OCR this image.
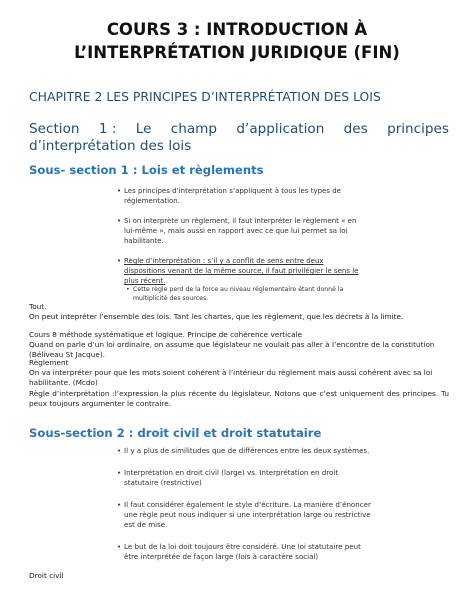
COURS 3 : INTRODUCTION À
L’INTERPRÉTATION JURIDIQUE (FIN)
CHAPITRE 2 LES PRINCIPES D’INTERPRÉTATION DES LOIS
Section 1 : Le champ d’application des principes
d’interprétation des lois
Sous- section 1 : Lois et règlements
• Les principes d’interprétation s’appliquent à tous les types de réglementation.
• Si on interprète un règlement, il faut interpréter le règlement « en lui-même », mais aussi en rapport avec ce que lui permet sa loi habilitante.
• Règle d’interprétation : s’il y a conflit de sens entre deux dispositions venant de la même source, il faut privilégier le sens le plus récent.
• Cette règle perd de la force au niveau réglementaire étant donné la multiplicité des sources.
Tout.
On peut intepréter l’ensemble des lois. Tant les chartes, que les règlement, que les décrets à la limite.
Cours 8 méthode systématique et logique. Principe de cohérence verticale
Quand on parle d’un loi ordinaire, on assume que législateur ne voulait pas aller à l’encontre de la constitution (Béliveau St Jacque).
Règlement
On va interpréter pour que les mots soient cohérent à l’intérieur du règlement mais aussi cohérent avec sa loi habilitante. (Mcdo)
Règle d’interprétation :l’expression la plus récente du législateur. Notons que c’est uniquement des principes. Tu peux toujours argumenter le contraire.
Sous-section 2 : droit civil et droit statutaire
• Il y a plus de similitudes que de différences entre les deux systèmes.
• Interprétation en droit civil (large) vs. Interprétation en droit statutaire (restrictive)
• Il faut considérer également le style d’écriture. La manière d’énoncer une règle peut nous indiquer si une interprétation large ou restrictive est de mise.
• Le but de la loi doit toujours être considéré. Une loi statutaire peut être interprétée de façon large (lois à caractère social)
Droit civil
